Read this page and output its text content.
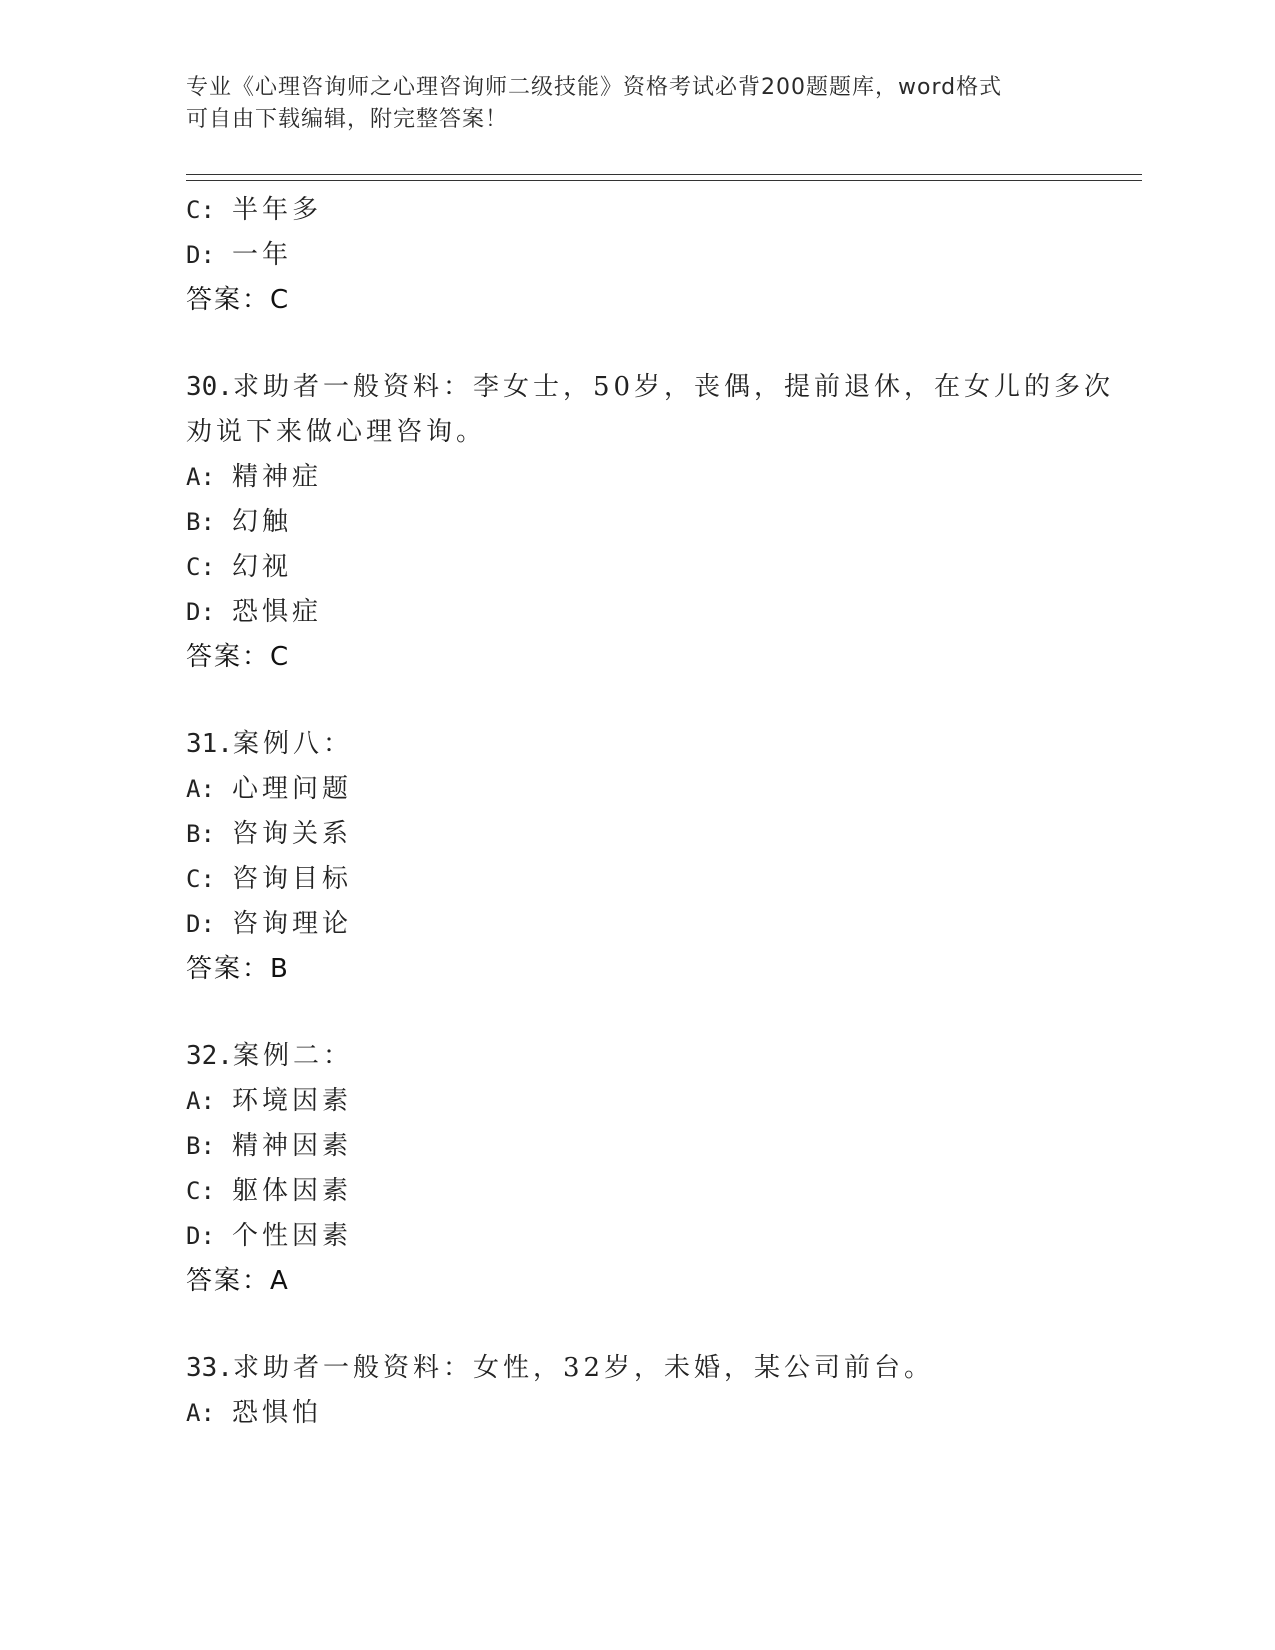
专业《心理咨询师之心理咨询师二级技能》资格考试必背200题题库，word格式
可自由下载编辑，附完整答案！
C: 半年多
D: 一年
答案：C
30.求助者一般资料：李女士，50岁，丧偶，提前退休，在女儿的多次
劝说下来做心理咨询。
A: 精神症
B: 幻触
C: 幻视
D: 恐惧症
答案：C
31.案例八：
A: 心理问题
B: 咨询关系
C: 咨询目标
D: 咨询理论
答案：B
32.案例二：
A: 环境因素
B: 精神因素
C: 躯体因素
D: 个性因素
答案：A
33.求助者一般资料：女性，32岁，未婚，某公司前台。
A: 恐惧怕
